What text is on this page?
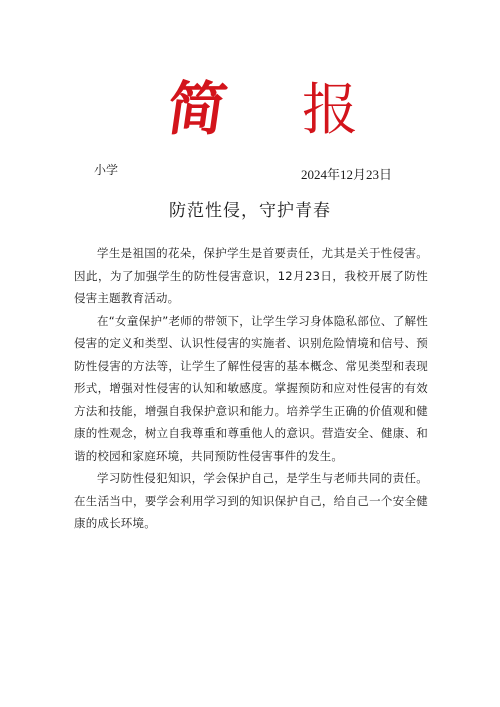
简 报
小学	2024年12月23日
防范性侵，守护青春

学生是祖国的花朵，保护学生是首要责任，尤其是关于性侵害。因此，为了加强学生的防性侵害意识，12月23日，我校开展了防性侵害主题教育活动。

在“女童保护”老师的带领下，让学生学习身体隐私部位、了解性侵害的定义和类型、认识性侵害的实施者、识别危险情境和信号、预防性侵害的方法等，让学生了解性侵害的基本概念、常见类型和表现形式，增强对性侵害的认知和敏感度。掌握预防和应对性侵害的有效方法和技能，增强自我保护意识和能力。培养学生正确的价值观和健康的性观念，树立自我尊重和尊重他人的意识。营造安全、健康、和谐的校园和家庭环境，共同预防性侵害事件的发生。

学习防性侵犯知识，学会保护自己，是学生与老师共同的责任。在生活当中，要学会利用学习到的知识保护自己，给自己一个安全健康的成长环境。
